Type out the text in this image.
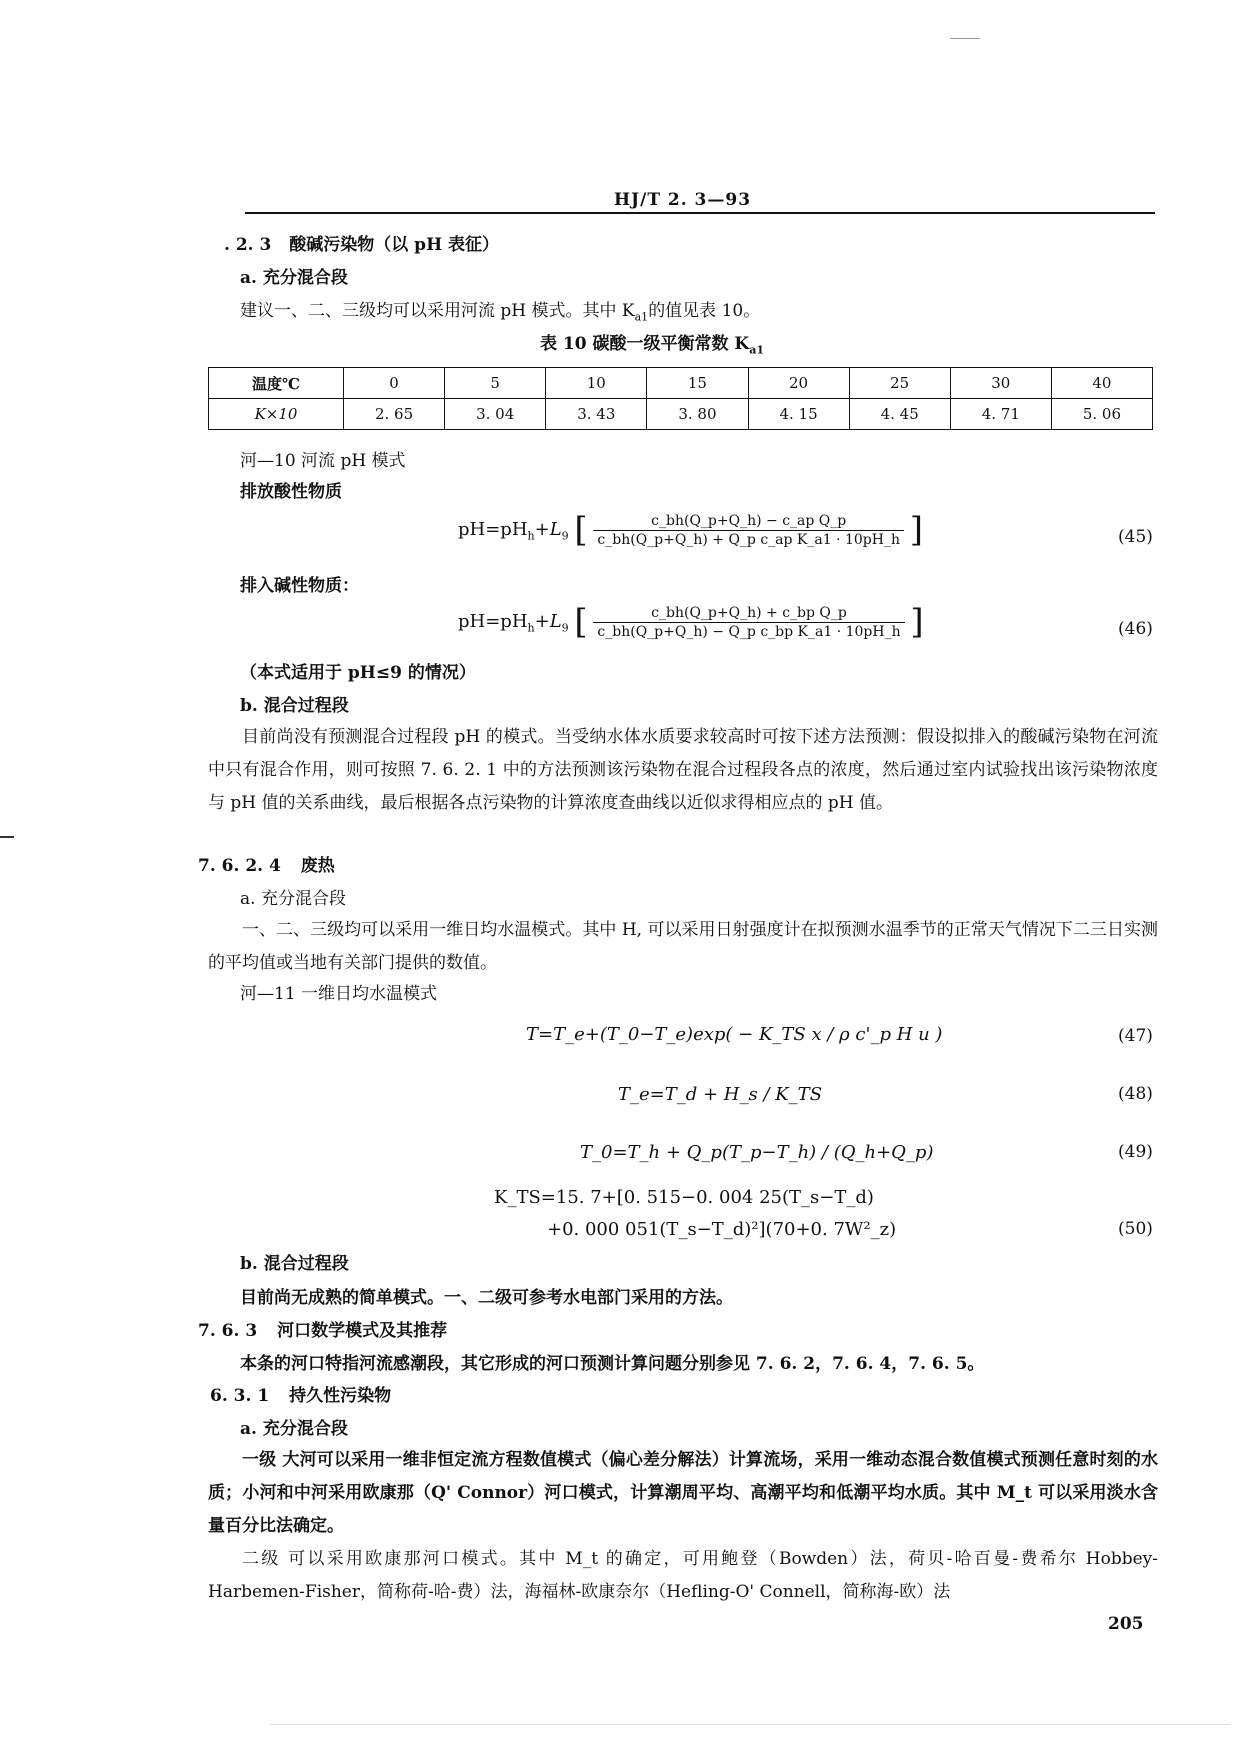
HJ/T 2. 3—93
. 2. 3 酸碱污染物（以 pH 表征）
a. 充分混合段
建议一、二、三级均可以采用河流 pH 模式。其中 $K_{a1}$的值见表 10。
表 10 碳酸一级平衡常数 $K_{a1}$
温度℃	0	5	10	15	20	25	30	40
K×10	2. 65	3. 04	3. 43	3. 80	4. 15	4. 45	4. 71	5. 06
河—10 河流 pH 模式
排放酸性物质
$pH=pH_h+L_9$ [ $\frac{\text{c\_bh(Q\_p+Q\_h) − c\_ap Q\_p}}{\text{c\_bh(Q\_p+Q\_h) + Q\_p c\_ap K\_a1 · 10pH\_h}}$ ]	(45)
排入碱性物质：
$pH=pH_h+L_9$ [ $\frac{\text{c\_bh(Q\_p+Q\_h) + c\_bp Q\_p}}{\text{c\_bh(Q\_p+Q\_h) − Q\_p c\_bp K\_a1 · 10pH\_h}}$ ]	(46)
（本式适用于 pH≤9 的情况）
b. 混合过程段
目前尚没有预测混合过程段 pH 的模式。当受纳水体水质要求较高时可按下述方法预测：假设拟排入的酸碱污染物在河流中只有混合作用，则可按照 7. 6. 2. 1 中的方法预测该污染物在混合过程段各点的浓度，然后通过室内试验找出该污染物浓度与 pH 值的关系曲线，最后根据各点污染物的计算浓度查曲线以近似求得相应点的 pH 值。
7. 6. 2. 4 废热
a. 充分混合段
一、二、三级均可以采用一维日均水温模式。其中 H, 可以采用日射强度计在拟预测水温季节的正常天气情况下二三日实测的平均值或当地有关部门提供的数值。
河—11 一维日均水温模式
T=T_e+(T_0−T_e)exp( − K_TS x / ρ c'_p H u )	(47)
T_e=T_d + H_s / K_TS	(48)
T_0=T_h + Q_p(T_p−T_h) / (Q_h+Q_p)	(49)
K_TS=15. 7+[0. 515−0. 004 25(T_s−T_d)
+0. 000 051(T_s−T_d)²](70+0. 7W²_z)	(50)
b. 混合过程段
目前尚无成熟的简单模式。一、二级可参考水电部门采用的方法。
7. 6. 3 河口数学模式及其推荐
本条的河口特指河流感潮段，其它形成的河口预测计算问题分别参见 7. 6. 2，7. 6. 4，7. 6. 5。
6. 3. 1 持久性污染物
a. 充分混合段
一级 大河可以采用一维非恒定流方程数值模式（偏心差分解法）计算流场，采用一维动态混合数值模式预测任意时刻的水质；小河和中河采用欧康那（Q' Connor）河口模式，计算潮周平均、高潮平均和低潮平均水质。其中 M_t 可以采用淡水含量百分比法确定。
二级 可以采用欧康那河口模式。其中 M_t 的确定，可用鲍登（Bowden）法，荷贝-哈百曼-费希尔 Hobbey-Harbemen-Fisher，简称荷-哈-费）法，海福林-欧康奈尔（Hefling-O' Connell，简称海-欧）法
205
